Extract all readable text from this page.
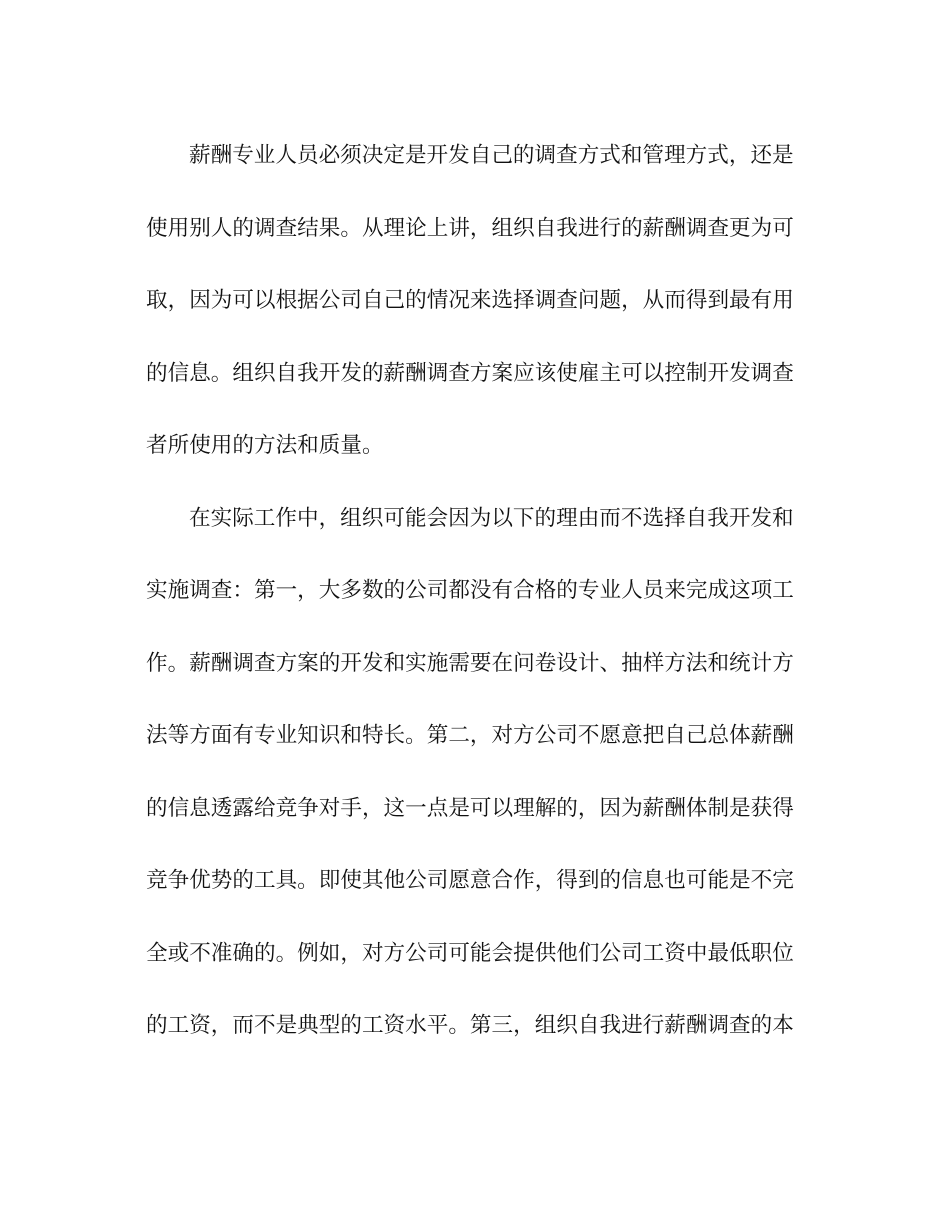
薪酬专业人员必须决定是开发自己的调查方式和管理方式，还是
使用别人的调查结果。从理论上讲，组织自我进行的薪酬调查更为可
取，因为可以根据公司自己的情况来选择调查问题，从而得到最有用
的信息。组织自我开发的薪酬调查方案应该使雇主可以控制开发调查
者所使用的方法和质量。
在实际工作中，组织可能会因为以下的理由而不选择自我开发和
实施调查：第一，大多数的公司都没有合格的专业人员来完成这项工
作。薪酬调查方案的开发和实施需要在问卷设计、抽样方法和统计方
法等方面有专业知识和特长。第二，对方公司不愿意把自己总体薪酬
的信息透露给竞争对手，这一点是可以理解的，因为薪酬体制是获得
竞争优势的工具。即使其他公司愿意合作，得到的信息也可能是不完
全或不准确的。例如，对方公司可能会提供他们公司工资中最低职位
的工资，而不是典型的工资水平。第三，组织自我进行薪酬调查的本
